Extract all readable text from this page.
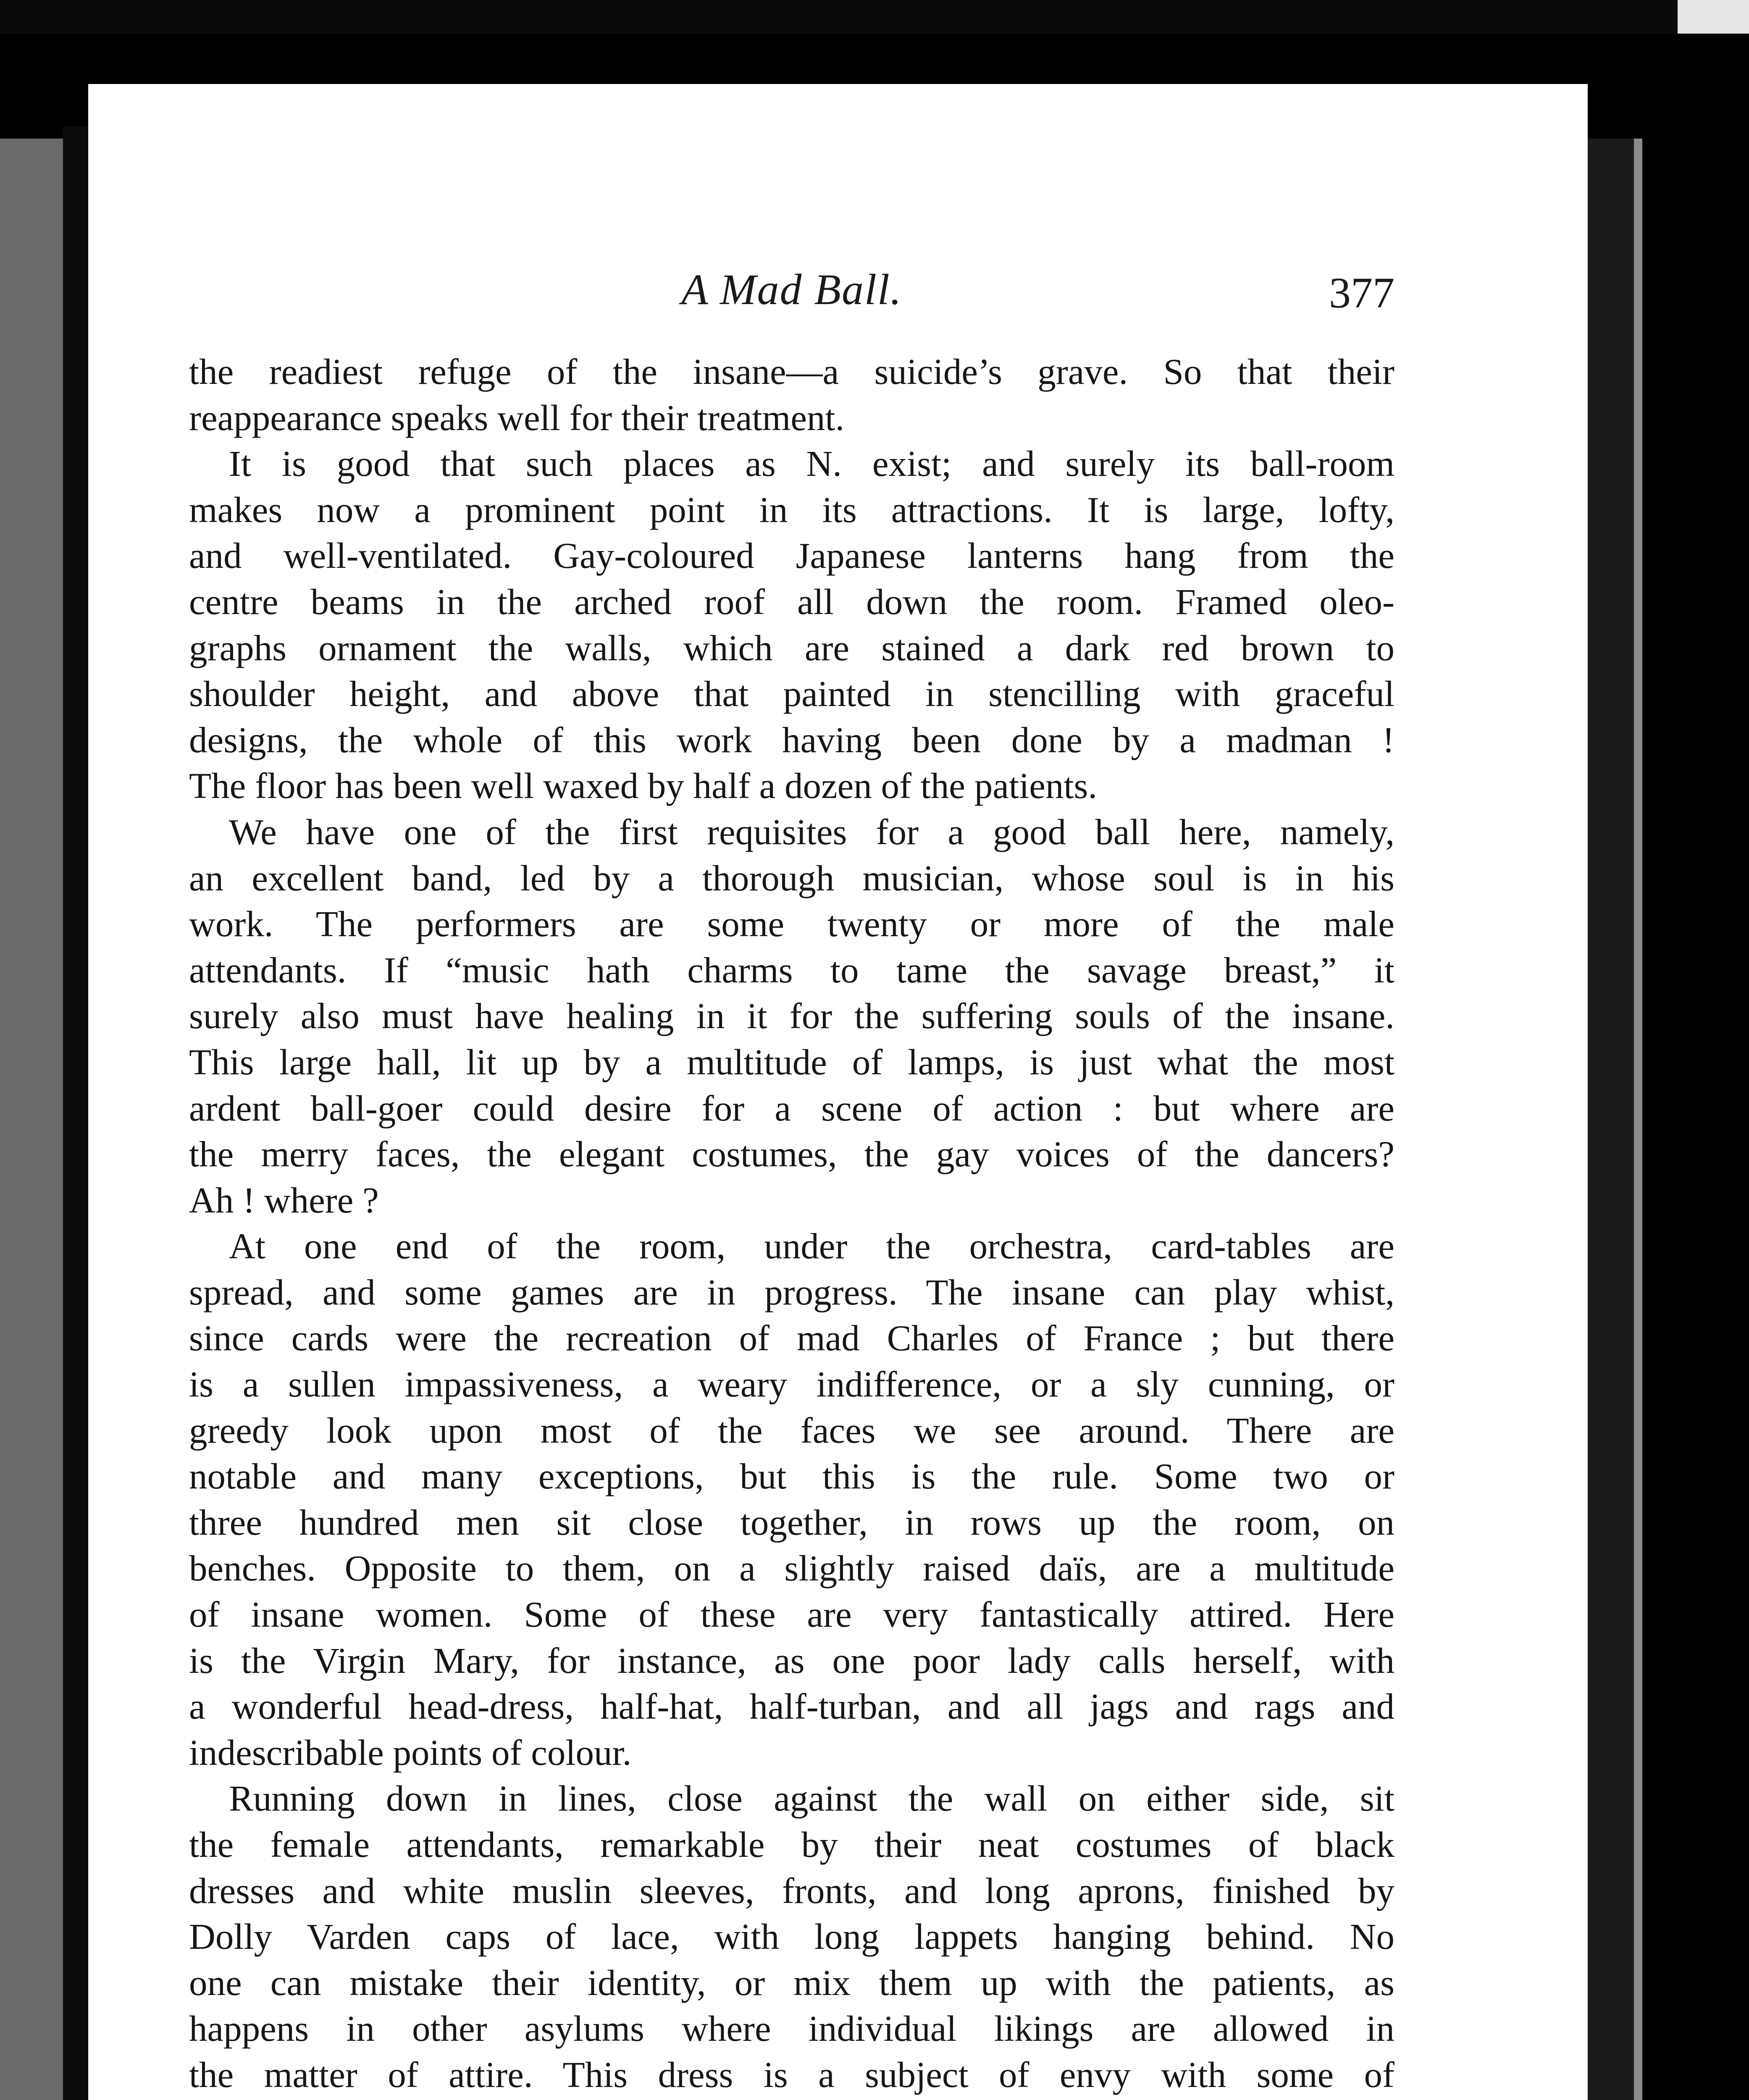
A Mad Ball.	377
the readiest refuge of the insane—a suicide’s grave. So that their
reappearance speaks well for their treatment.
It is good that such places as N. exist; and surely its ball-room
makes now a prominent point in its attractions. It is large, lofty,
and well-ventilated. Gay-coloured Japanese lanterns hang from the
centre beams in the arched roof all down the room. Framed oleo-
graphs ornament the walls, which are stained a dark red brown to
shoulder height, and above that painted in stencilling with graceful
designs, the whole of this work having been done by a madman !
The floor has been well waxed by half a dozen of the patients.
We have one of the first requisites for a good ball here, namely,
an excellent band, led by a thorough musician, whose soul is in his
work. The performers are some twenty or more of the male
attendants. If “music hath charms to tame the savage breast,” it
surely also must have healing in it for the suffering souls of the insane.
This large hall, lit up by a multitude of lamps, is just what the most
ardent ball-goer could desire for a scene of action : but where are
the merry faces, the elegant costumes, the gay voices of the dancers?
Ah ! where ?
At one end of the room, under the orchestra, card-tables are
spread, and some games are in progress. The insane can play whist,
since cards were the recreation of mad Charles of France ; but there
is a sullen impassiveness, a weary indifference, or a sly cunning, or
greedy look upon most of the faces we see around. There are
notable and many exceptions, but this is the rule. Some two or
three hundred men sit close together, in rows up the room, on
benches. Opposite to them, on a slightly raised daïs, are a multitude
of insane women. Some of these are very fantastically attired. Here
is the Virgin Mary, for instance, as one poor lady calls herself, with
a wonderful head-dress, half-hat, half-turban, and all jags and rags and
indescribable points of colour.
Running down in lines, close against the wall on either side, sit
the female attendants, remarkable by their neat costumes of black
dresses and white muslin sleeves, fronts, and long aprons, finished by
Dolly Varden caps of lace, with long lappets hanging behind. No
one can mistake their identity, or mix them up with the patients, as
happens in other asylums where individual likings are allowed in
the matter of attire. This dress is a subject of envy with some of
